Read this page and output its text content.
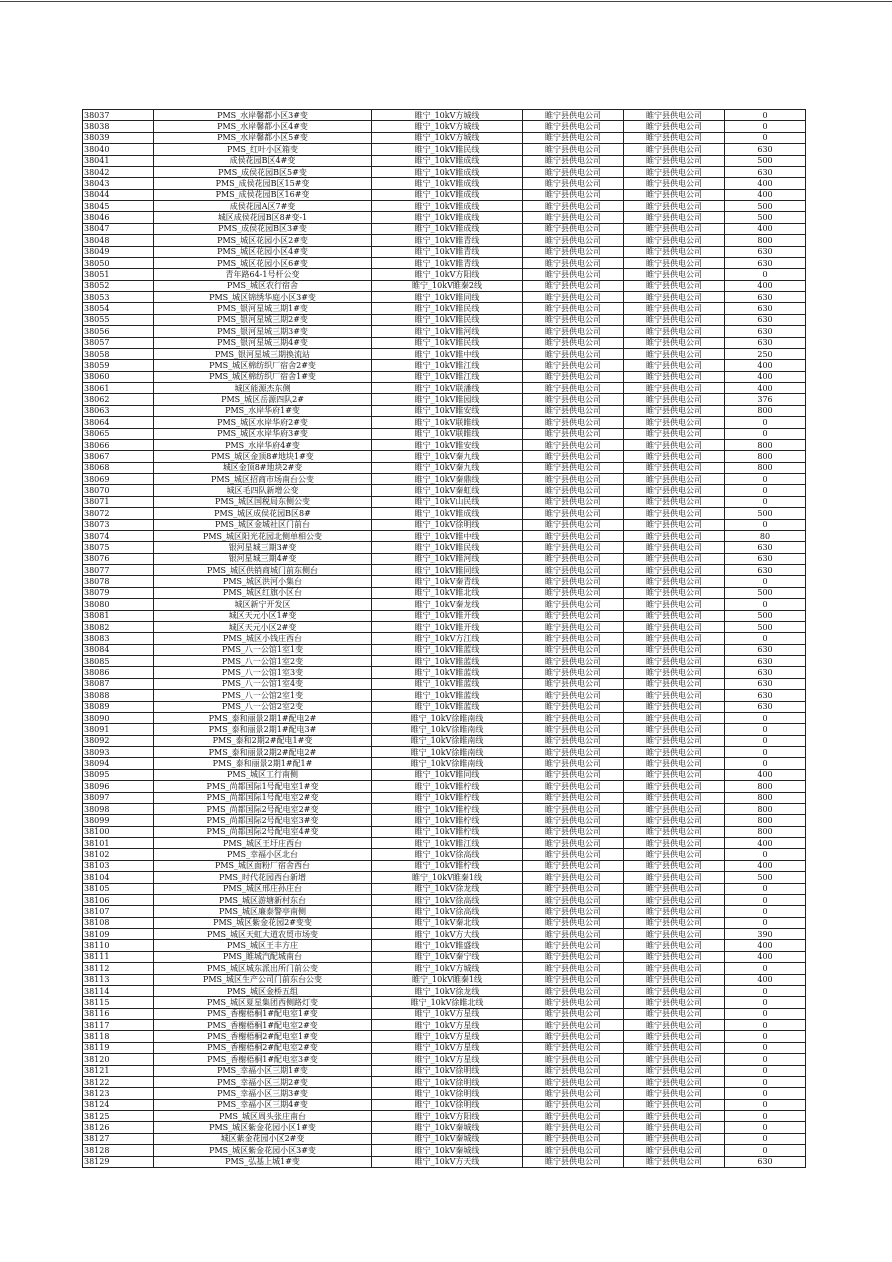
38037	PMS_水岸馨都小区3#变	睢宁_10kV方城线	睢宁县供电公司	睢宁县供电公司	0
38038	PMS_水岸馨都小区4#变	睢宁_10kV方城线	睢宁县供电公司	睢宁县供电公司	0
38039	PMS_水岸馨都小区5#变	睢宁_10kV方城线	睢宁县供电公司	睢宁县供电公司	0
38040	PMS_红叶小区箱变	睢宁_10kV睢民线	睢宁县供电公司	睢宁县供电公司	630
38041	成侯花园B区4#变	睢宁_10kV睢成线	睢宁县供电公司	睢宁县供电公司	500
38042	PMS_成侯花园B区5#变	睢宁_10kV睢成线	睢宁县供电公司	睢宁县供电公司	630
38043	PMS_成侯花园B区15#变	睢宁_10kV睢成线	睢宁县供电公司	睢宁县供电公司	400
38044	PMS_成侯花园B区16#变	睢宁_10kV睢成线	睢宁县供电公司	睢宁县供电公司	400
38045	成侯花园A区7#变	睢宁_10kV睢成线	睢宁县供电公司	睢宁县供电公司	500
38046	城区成侯花园B区8#变-1	睢宁_10kV睢成线	睢宁县供电公司	睢宁县供电公司	500
38047	PMS_成侯花园B区3#变	睢宁_10kV睢成线	睢宁县供电公司	睢宁县供电公司	400
38048	PMS_城区花园小区2#变	睢宁_10kV睢青线	睢宁县供电公司	睢宁县供电公司	800
38049	PMS_城区花园小区4#变	睢宁_10kV睢青线	睢宁县供电公司	睢宁县供电公司	630
38050	PMS_城区花园小区6#变	睢宁_10kV睢青线	睢宁县供电公司	睢宁县供电公司	630
38051	青年路64-1号杆公变	睢宁_10kV方阳线	睢宁县供电公司	睢宁县供电公司	0
38052	PMS_城区农行宿舍	睢宁_10kV睢秦2线	睢宁县供电公司	睢宁县供电公司	400
38053	PMS_城区锦绣华庭小区3#变	睢宁_10kV睢同线	睢宁县供电公司	睢宁县供电公司	630
38054	PMS_银河星城三期1#变	睢宁_10kV睢民线	睢宁县供电公司	睢宁县供电公司	630
38055	PMS_银河星城三期2#变	睢宁_10kV睢民线	睢宁县供电公司	睢宁县供电公司	630
38056	PMS_银河星城三期3#变	睢宁_10kV睢河线	睢宁县供电公司	睢宁县供电公司	630
38057	PMS_银河星城三期4#变	睢宁_10kV睢民线	睢宁县供电公司	睢宁县供电公司	630
38058	PMS_银河星城三期换流站	睢宁_10kV睢中线	睢宁县供电公司	睢宁县供电公司	250
38059	PMS_城区棉纺织厂宿舍2#变	睢宁_10kV睢江线	睢宁县供电公司	睢宁县供电公司	400
38060	PMS_城区棉纺织厂宿舍1#变	睢宁_10kV睢江线	睢宁县供电公司	睢宁县供电公司	400
38061	城区能源杰东侧	睢宁_10kV联潘线	睢宁县供电公司	睢宁县供电公司	400
38062	PMS_城区岳源四队2#	睢宁_10kV睢园线	睢宁县供电公司	睢宁县供电公司	376
38063	PMS_水岸华府1#变	睢宁_10kV睢安线	睢宁县供电公司	睢宁县供电公司	800
38064	PMS_城区水岸华府2#变	睢宁_10kV联睢线	睢宁县供电公司	睢宁县供电公司	0
38065	PMS_城区水岸华府3#变	睢宁_10kV联睢线	睢宁县供电公司	睢宁县供电公司	0
38066	PMS_水岸华府4#变	睢宁_10kV睢安线	睢宁县供电公司	睢宁县供电公司	800
38067	PMS_城区金顶8#地块1#变	睢宁_10kV秦九线	睢宁县供电公司	睢宁县供电公司	800
38068	城区金顶8#地块2#变	睢宁_10kV秦九线	睢宁县供电公司	睢宁县供电公司	800
38069	PMS_城区招商市场南台公变	睢宁_10kV秦鼎线	睢宁县供电公司	睢宁县供电公司	0
38070	城区毛四队新增公变	睢宁_10kV秦虹线	睢宁县供电公司	睢宁县供电公司	0
38071	PMS_城区国税局东侧公变	睢宁_10kV山民线	睢宁县供电公司	睢宁县供电公司	0
38072	PMS_城区成侯花园B区8#	睢宁_10kV睢成线	睢宁县供电公司	睢宁县供电公司	500
38073	PMS_城区金城社区门前台	睢宁_10kV徐明线	睢宁县供电公司	睢宁县供电公司	0
38074	PMS_城区阳光花园北侧单相公变	睢宁_10kV睢中线	睢宁县供电公司	睢宁县供电公司	80
38075	银河星城三期3#变	睢宁_10kV睢民线	睢宁县供电公司	睢宁县供电公司	630
38076	银河星城三期4#变	睢宁_10kV睢河线	睢宁县供电公司	睢宁县供电公司	630
38077	PMS_城区供销商城门前东侧台	睢宁_10kV睢同线	睢宁县供电公司	睢宁县供电公司	630
38078	PMS_城区洪河小集台	睢宁_10kV秦青线	睢宁县供电公司	睢宁县供电公司	0
38079	PMS_城区红旗小区台	睢宁_10kV睢北线	睢宁县供电公司	睢宁县供电公司	500
38080	城区新宁开发区	睢宁_10kV秦龙线	睢宁县供电公司	睢宁县供电公司	0
38081	城区天元小区1#变	睢宁_10kV睢开线	睢宁县供电公司	睢宁县供电公司	500
38082	城区天元小区2#变	睢宁_10kV睢开线	睢宁县供电公司	睢宁县供电公司	500
38083	PMS_城区小钱庄西台	睢宁_10kV方江线	睢宁县供电公司	睢宁县供电公司	0
38084	PMS_八一公馆1室1变	睢宁_10kV睢蓝线	睢宁县供电公司	睢宁县供电公司	630
38085	PMS_八一公馆1室2变	睢宁_10kV睢蓝线	睢宁县供电公司	睢宁县供电公司	630
38086	PMS_八一公馆1室3变	睢宁_10kV睢蓝线	睢宁县供电公司	睢宁县供电公司	630
38087	PMS_八一公馆1室4变	睢宁_10kV睢蓝线	睢宁县供电公司	睢宁县供电公司	630
38088	PMS_八一公馆2室1变	睢宁_10kV睢蓝线	睢宁县供电公司	睢宁县供电公司	630
38089	PMS_八一公馆2室2变	睢宁_10kV睢蓝线	睢宁县供电公司	睢宁县供电公司	630
38090	PMS_泰和丽景2期1#配电2#	睢宁_10kV徐睢南线	睢宁县供电公司	睢宁县供电公司	0
38091	PMS_泰和丽景2期1#配电3#	睢宁_10kV徐睢南线	睢宁县供电公司	睢宁县供电公司	0
38092	PMS_泰和2期2#配电1#变	睢宁_10kV徐睢南线	睢宁县供电公司	睢宁县供电公司	0
38093	PMS_泰和丽景2期2#配电2#	睢宁_10kV徐睢南线	睢宁县供电公司	睢宁县供电公司	0
38094	PMS_泰和丽景2期1#配1#	睢宁_10kV徐睢南线	睢宁县供电公司	睢宁县供电公司	0
38095	PMS_城区工行南侧	睢宁_10kV睢同线	睢宁县供电公司	睢宁县供电公司	400
38096	PMS_尚都国际1号配电室1#变	睢宁_10kV睢柠线	睢宁县供电公司	睢宁县供电公司	800
38097	PMS_尚都国际1号配电室2#变	睢宁_10kV睢柠线	睢宁县供电公司	睢宁县供电公司	800
38098	PMS_尚都国际2号配电室2#变	睢宁_10kV睢柠线	睢宁县供电公司	睢宁县供电公司	800
38099	PMS_尚都国际2号配电室3#变	睢宁_10kV睢柠线	睢宁县供电公司	睢宁县供电公司	800
38100	PMS_尚都国际2号配电室4#变	睢宁_10kV睢柠线	睢宁县供电公司	睢宁县供电公司	800
38101	PMS_城区王圩庄西台	睢宁_10kV睢江线	睢宁县供电公司	睢宁县供电公司	400
38102	PMS_幸福小区北台	睢宁_10kV徐高线	睢宁县供电公司	睢宁县供电公司	0
38103	PMS_城区面粉厂宿舍西台	睢宁_10kV睢柠线	睢宁县供电公司	睢宁县供电公司	400
38104	PMS_时代花园西台新增	睢宁_10kV睢秦1线	睢宁县供电公司	睢宁县供电公司	500
38105	PMS_城区邢庄孙庄台	睢宁_10kV徐龙线	睢宁县供电公司	睢宁县供电公司	0
38106	PMS_城区游塘新村东台	睢宁_10kV徐高线	睢宁县供电公司	睢宁县供电公司	0
38107	PMS_城区廉泰警亭南侧	睢宁_10kV徐高线	睢宁县供电公司	睢宁县供电公司	0
38108	PMS_城区紫金花园2#变变	睢宁_10kV秦北线	睢宁县供电公司	睢宁县供电公司	0
38109	PMS_城区天虹大道农贸市场变	睢宁_10kV方大线	睢宁县供电公司	睢宁县供电公司	390
38110	PMS_城区王丰方庄	睢宁_10kV睢盛线	睢宁县供电公司	睢宁县供电公司	400
38111	PMS_睢城汽配城南台	睢宁_10kV秦宁线	睢宁县供电公司	睢宁县供电公司	400
38112	PMS_城区城东派出所门前公变	睢宁_10kV方城线	睢宁县供电公司	睢宁县供电公司	0
38113	PMS_城区生产公司门前东台公变	睢宁_10kV睢秦1线	睢宁县供电公司	睢宁县供电公司	400
38114	PMS_城区金桥五组	睢宁_10kV徐龙线	睢宁县供电公司	睢宁县供电公司	0
38115	PMS_城区夏星集团西侧路灯变	睢宁_10kV徐睢北线	睢宁县供电公司	睢宁县供电公司	0
38116	PMS_香榭梧桐1#配电室1#变	睢宁_10kV方星线	睢宁县供电公司	睢宁县供电公司	0
38117	PMS_香榭梧桐1#配电室2#变	睢宁_10kV方星线	睢宁县供电公司	睢宁县供电公司	0
38118	PMS_香榭梧桐2#配电室1#变	睢宁_10kV方星线	睢宁县供电公司	睢宁县供电公司	0
38119	PMS_香榭梧桐2#配电室2#变	睢宁_10kV方星线	睢宁县供电公司	睢宁县供电公司	0
38120	PMS_香榭梧桐1#配电室3#变	睢宁_10kV方星线	睢宁县供电公司	睢宁县供电公司	0
38121	PMS_幸福小区三期1#变	睢宁_10kV徐明线	睢宁县供电公司	睢宁县供电公司	0
38122	PMS_幸福小区三期2#变	睢宁_10kV徐明线	睢宁县供电公司	睢宁县供电公司	0
38123	PMS_幸福小区三期3#变	睢宁_10kV徐明线	睢宁县供电公司	睢宁县供电公司	0
38124	PMS_幸福小区三期4#变	睢宁_10kV徐明线	睢宁县供电公司	睢宁县供电公司	0
38125	PMS_城区周头张庄南台	睢宁_10kV方阳线	睢宁县供电公司	睢宁县供电公司	0
38126	PMS_城区紫金花园小区1#变	睢宁_10kV秦城线	睢宁县供电公司	睢宁县供电公司	0
38127	城区紫金花园小区2#变	睢宁_10kV秦城线	睢宁县供电公司	睢宁县供电公司	0
38128	PMS_城区紫金花园小区3#变	睢宁_10kV秦城线	睢宁县供电公司	睢宁县供电公司	0
38129	PMS_弘基上城1#变	睢宁_10kV方天线	睢宁县供电公司	睢宁县供电公司	630
